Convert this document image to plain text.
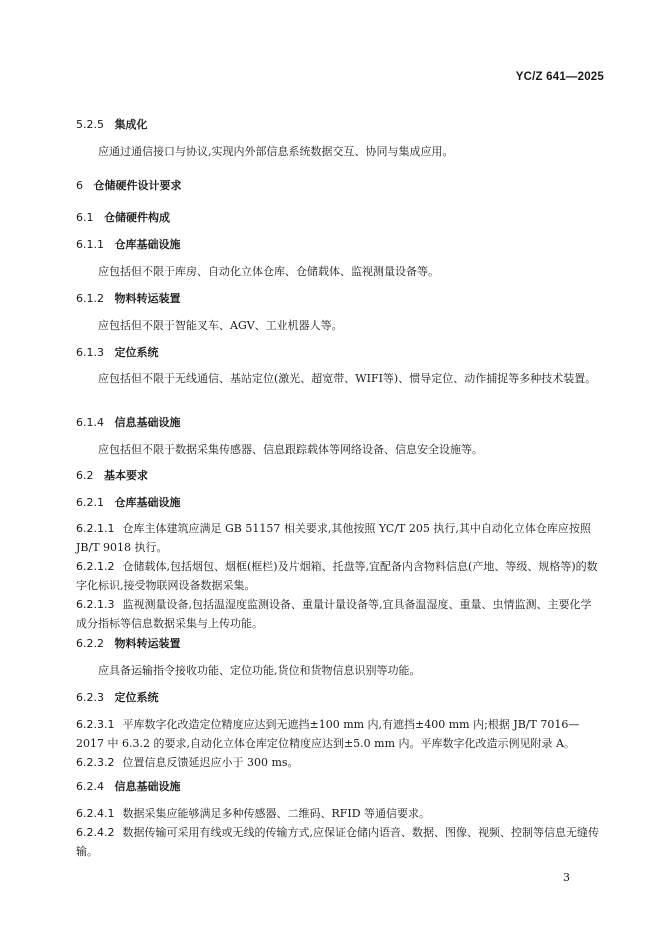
YC/Z 641—2025
5.2.5 集成化
应通过通信接口与协议,实现内外部信息系统数据交互、协同与集成应用。
6 仓储硬件设计要求
6.1 仓储硬件构成
6.1.1 仓库基础设施
应包括但不限于库房、自动化立体仓库、仓储载体、监视测量设备等。
6.1.2 物料转运装置
应包括但不限于智能叉车、AGV、工业机器人等。
6.1.3 定位系统
应包括但不限于无线通信、基站定位(激光、超宽带、WIFI等)、惯导定位、动作捕捉等多种技术装置。
6.1.4 信息基础设施
应包括但不限于数据采集传感器、信息跟踪载体等网络设备、信息安全设施等。
6.2 基本要求
6.2.1 仓库基础设施
6.2.1.1 仓库主体建筑应满足 GB 51157 相关要求,其他按照 YC/T 205 执行,其中自动化立体仓库应按照 JB/T 9018 执行。
6.2.1.2 仓储载体,包括烟包、烟框(框栏)及片烟箱、托盘等,宜配备内含物料信息(产地、等级、规格等)的数字化标识,接受物联网设备数据采集。
6.2.1.3 监视测量设备,包括温湿度监测设备、重量计量设备等,宜具备温湿度、重量、虫情监测、主要化学成分指标等信息数据采集与上传功能。
6.2.2 物料转运装置
应具备运输指令接收功能、定位功能,货位和货物信息识别等功能。
6.2.3 定位系统
6.2.3.1 平库数字化改造定位精度应达到无遮挡±100 mm 内,有遮挡±400 mm 内;根据 JB/T 7016—2017 中 6.3.2 的要求,自动化立体仓库定位精度应达到±5.0 mm 内。平库数字化改造示例见附录 A。
6.2.3.2 位置信息反馈延迟应小于 300 ms。
6.2.4 信息基础设施
6.2.4.1 数据采集应能够满足多种传感器、二维码、RFID 等通信要求。
6.2.4.2 数据传输可采用有线或无线的传输方式,应保证仓储内语音、数据、图像、视频、控制等信息无缝传输。
3
